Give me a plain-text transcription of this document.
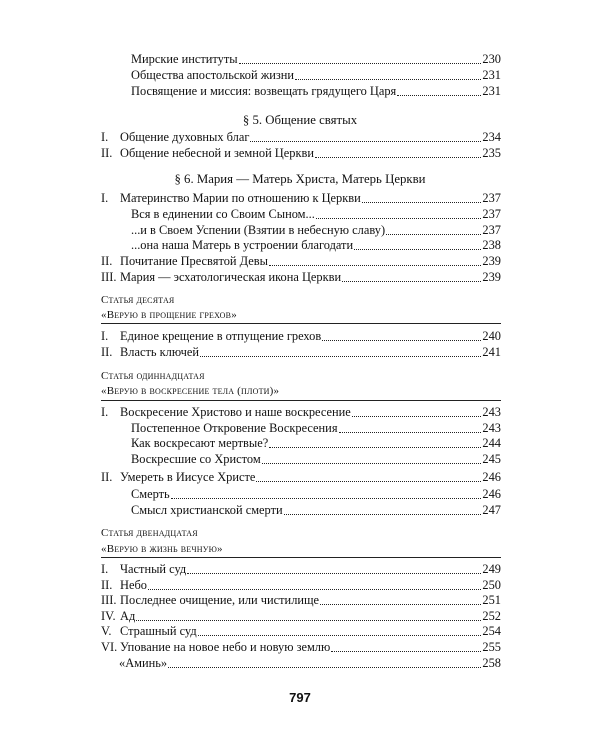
Мирские институты	230
Общества апостольской жизни	231
Посвящение и миссия: возвещать грядущего Царя	231
§ 5. Общение святых
I. Общение духовных благ	234
II. Общение небесной и земной Церкви	235
§ 6. Мария — Матерь Христа, Матерь Церкви
I. Материнство Марии по отношению к Церкви	237
Вся в единении со Своим Сыном...	237
...и в Своем Успении (Взятии в небесную славу)	237
...она наша Матерь в устроении благодати	238
II. Почитание Пресвятой Девы	239
III. Мария — эсхатологическая икона Церкви	239
Статья десятая
«Верую в прощение грехов»
I. Единое крещение в отпущение грехов	240
II. Власть ключей	241
Статья одиннадцатая
«Верую в воскресение тела (плоти)»
I. Воскресение Христово и наше воскресение	243
Постепенное Откровение Воскресения	243
Как воскресают мертвые?	244
Воскресшие со Христом	245
II. Умереть в Иисусе Христе	246
Смерть	246
Смысл христианской смерти	247
Статья двенадцатая
«Верую в жизнь вечную»
I. Частный суд	249
II. Небо	250
III. Последнее очищение, или чистилище	251
IV. Ад	252
V. Страшный суд	254
VI. Упование на новое небо и новую землю	255
«Аминь»	258
797
